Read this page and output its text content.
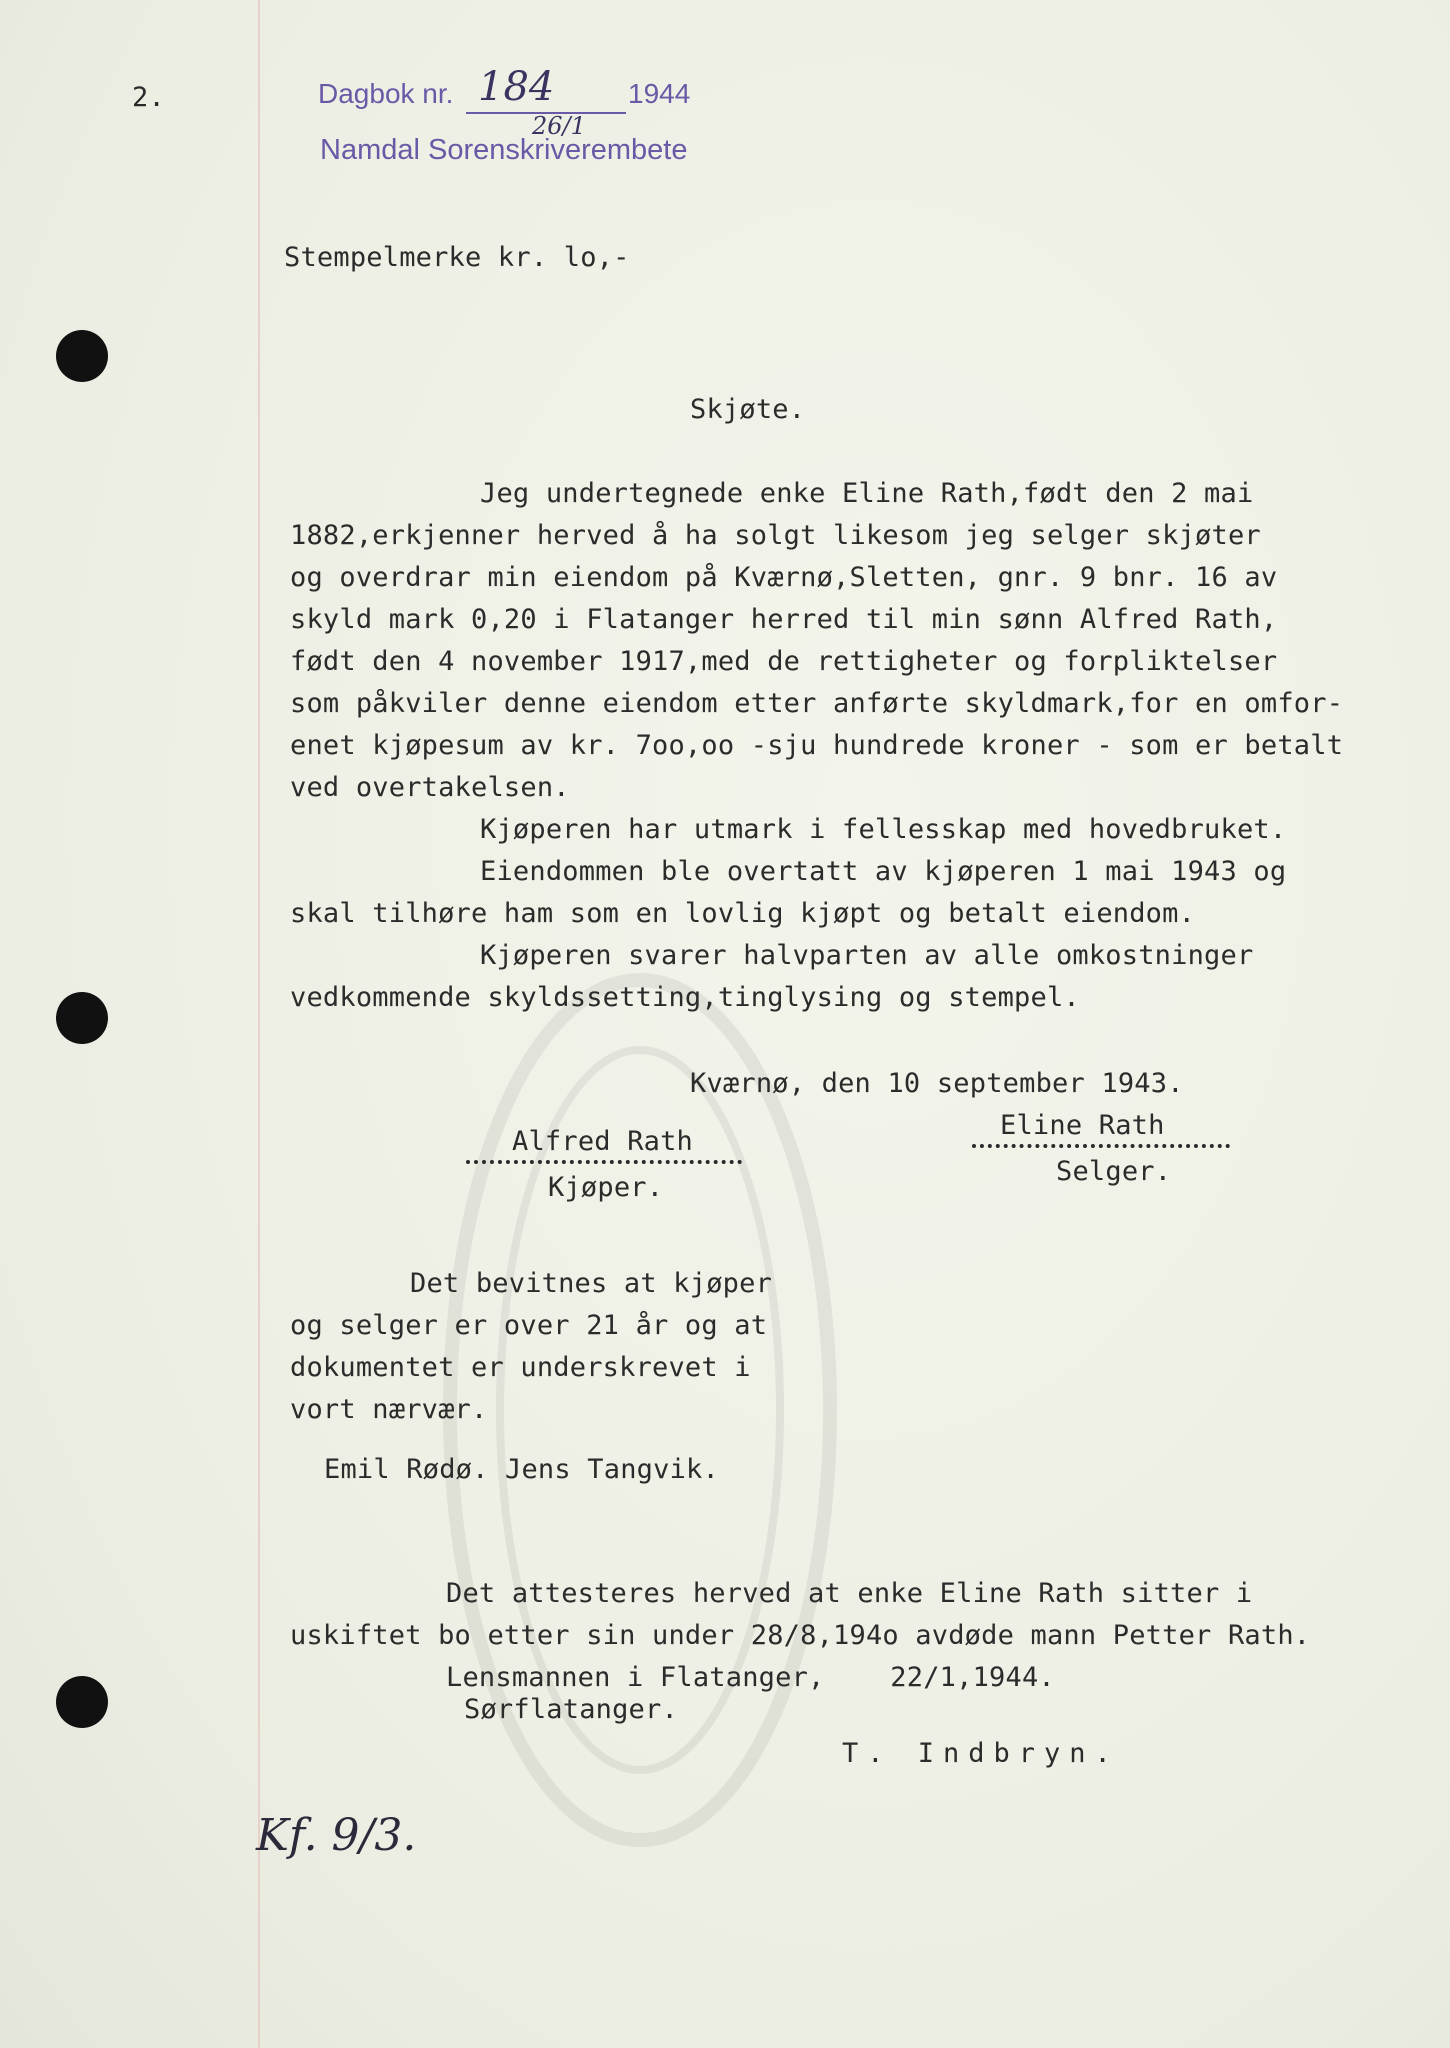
2.	Dagbok nr. 184	1944
26/1
Namdal Sorenskriverembete
Stempelmerke kr. lo,-
Skjøte.
Jeg undertegnede enke Eline Rath,født den 2 mai
1882,erkjenner herved å ha solgt likesom jeg selger skjøter
og overdrar min eiendom på Kværnø,Sletten, gnr. 9 bnr. 16 av
skyld mark 0,20 i Flatanger herred til min sønn Alfred Rath,
født den 4 november 1917,med de rettigheter og forpliktelser
som påkviler denne eiendom etter anførte skyldmark,for en omfor-
enet kjøpesum av kr. 7oo,oo -sju hundrede kroner - som er betalt
ved overtakelsen.
Kjøperen har utmark i fellesskap med hovedbruket.
Eiendommen ble overtatt av kjøperen 1 mai 1943 og
skal tilhøre ham som en lovlig kjøpt og betalt eiendom.
Kjøperen svarer halvparten av alle omkostninger
vedkommende skyldssetting,tinglysing og stempel.
Kværnø, den 10 september 1943.
Alfred Rath
Kjøper.
Eline Rath
Selger.
Det bevitnes at kjøper
og selger er over 21 år og at
dokumentet er underskrevet i
vort nærvær.
Emil Rødø. Jens Tangvik.
Det attesteres herved at enke Eline Rath sitter i
uskiftet bo etter sin under 28/8,194o avdøde mann Petter Rath.
Lensmannen i Flatanger,    22/1,1944.
Sørflatanger.
T. Indbryn.
Kf. 9/3.
